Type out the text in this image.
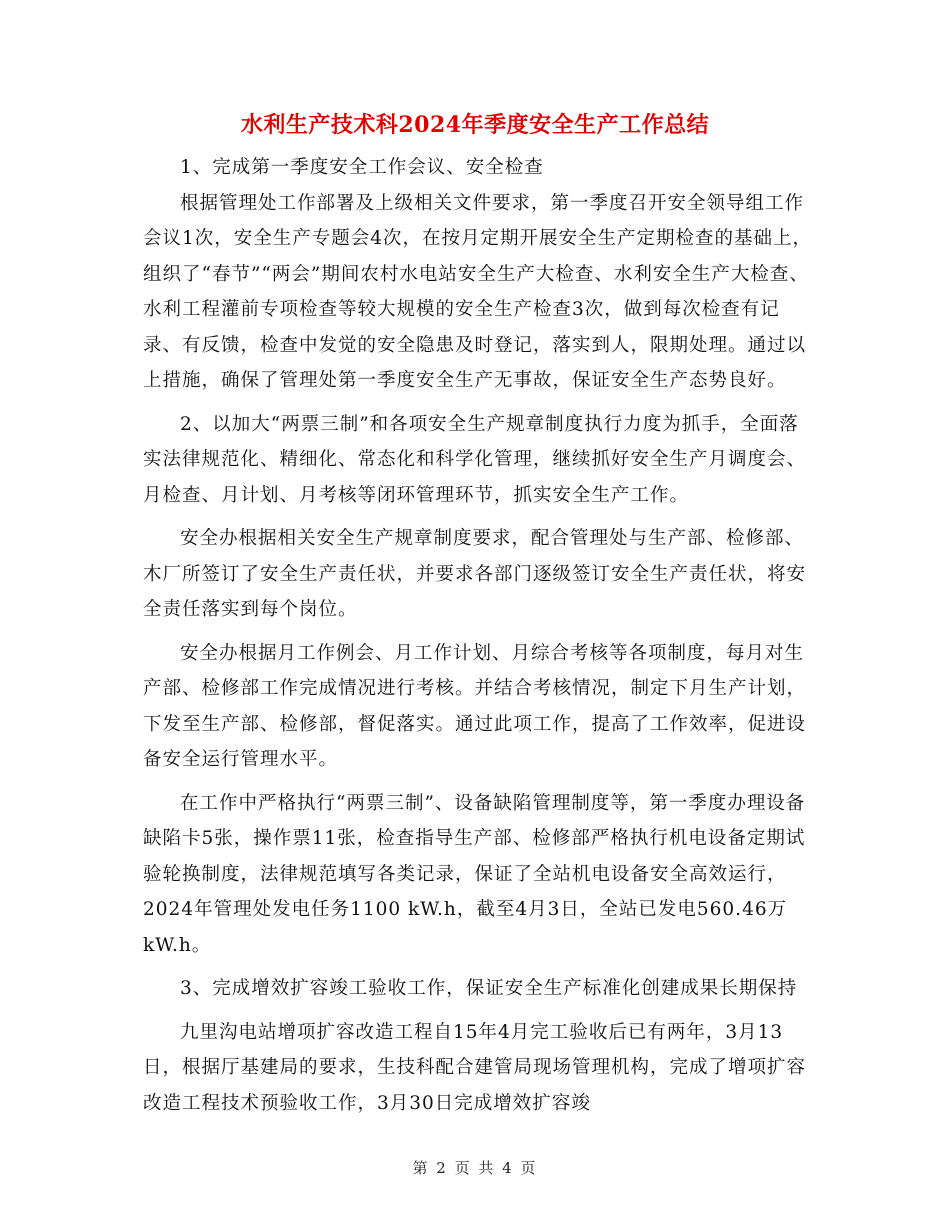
水利生产技术科2024年季度安全生产工作总结

1、完成第一季度安全工作会议、安全检查

根据管理处工作部署及上级相关文件要求，第一季度召开安全领导组工作会议1次，安全生产专题会4次，在按月定期开展安全生产定期检查的基础上，组织了“春节”“两会”期间农村水电站安全生产大检查、水利安全生产大检查、水利工程灌前专项检查等较大规模的安全生产检查3次，做到每次检查有记录、有反馈，检查中发觉的安全隐患及时登记，落实到人，限期处理。通过以上措施，确保了管理处第一季度安全生产无事故，保证安全生产态势良好。

2、以加大“两票三制”和各项安全生产规章制度执行力度为抓手，全面落实法律规范化、精细化、常态化和科学化管理，继续抓好安全生产月调度会、月检查、月计划、月考核等闭环管理环节，抓实安全生产工作。

安全办根据相关安全生产规章制度要求，配合管理处与生产部、检修部、木厂所签订了安全生产责任状，并要求各部门逐级签订安全生产责任状，将安全责任落实到每个岗位。

安全办根据月工作例会、月工作计划、月综合考核等各项制度，每月对生产部、检修部工作完成情况进行考核。并结合考核情况，制定下月生产计划，下发至生产部、检修部，督促落实。通过此项工作，提高了工作效率，促进设备安全运行管理水平。

在工作中严格执行“两票三制”、设备缺陷管理制度等，第一季度办理设备缺陷卡5张，操作票11张，检查指导生产部、检修部严格执行机电设备定期试验轮换制度，法律规范填写各类记录，保证了全站机电设备安全高效运行，2024年管理处发电任务1100 kW.h，截至4月3日，全站已发电560.46万kW.h。

3、完成增效扩容竣工验收工作，保证安全生产标准化创建成果长期保持

九里沟电站增项扩容改造工程自15年4月完工验收后已有两年，3月13日，根据厅基建局的要求，生技科配合建管局现场管理机构，完成了增项扩容改造工程技术预验收工作，3月30日完成增效扩容竣

第 2 页 共 4 页
